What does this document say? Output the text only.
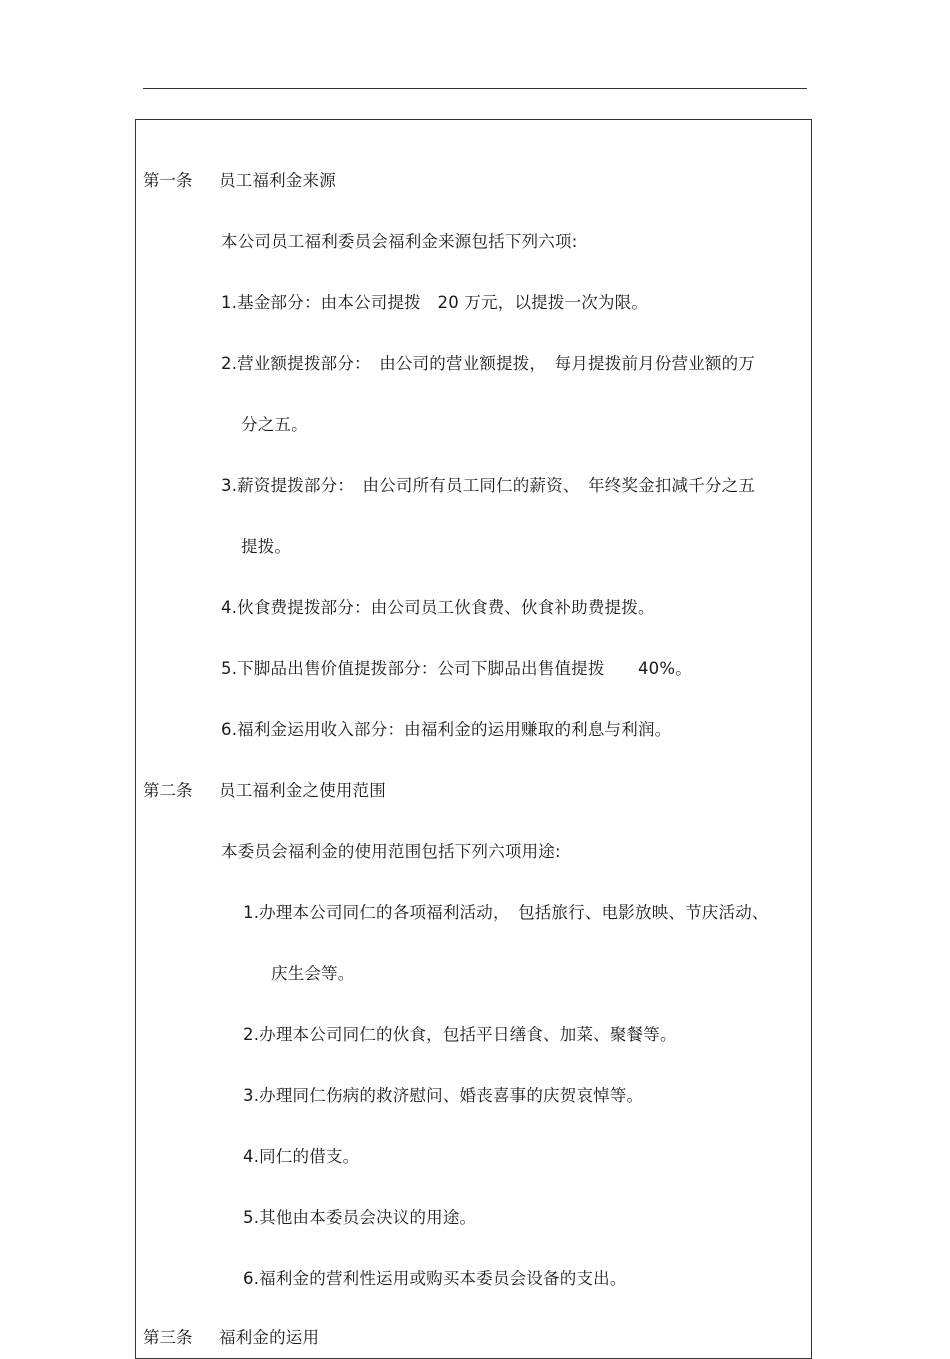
第一条 员工福利金来源
本公司员工福利委员会福利金来源包括下列六项:
1.基金部分：由本公司提拨　20 万元，以提拨一次为限。
2.营业额提拨部分：　由公司的营业额提拨，　每月提拨前月份营业额的万
分之五。
3.薪资提拨部分：　由公司所有员工同仁的薪资、　年终奖金扣减千分之五
提拨。
4.伙食费提拨部分：由公司员工伙食费、伙食补助费提拨。
5.下脚品出售价值提拨部分：公司下脚品出售值提拨　　40%。
6.福利金运用收入部分：由福利金的运用赚取的利息与利润。
第二条 员工福利金之使用范围
本委员会福利金的使用范围包括下列六项用途:
1.办理本公司同仁的各项福利活动，　包括旅行、电影放映、节庆活动、
庆生会等。
2.办理本公司同仁的伙食，包括平日缮食、加菜、聚餐等。
3.办理同仁伤病的救济慰问、婚丧喜事的庆贺哀悼等。
4.同仁的借支。
5.其他由本委员会决议的用途。
6.福利金的营利性运用或购买本委员会设备的支出。
第三条 福利金的运用
